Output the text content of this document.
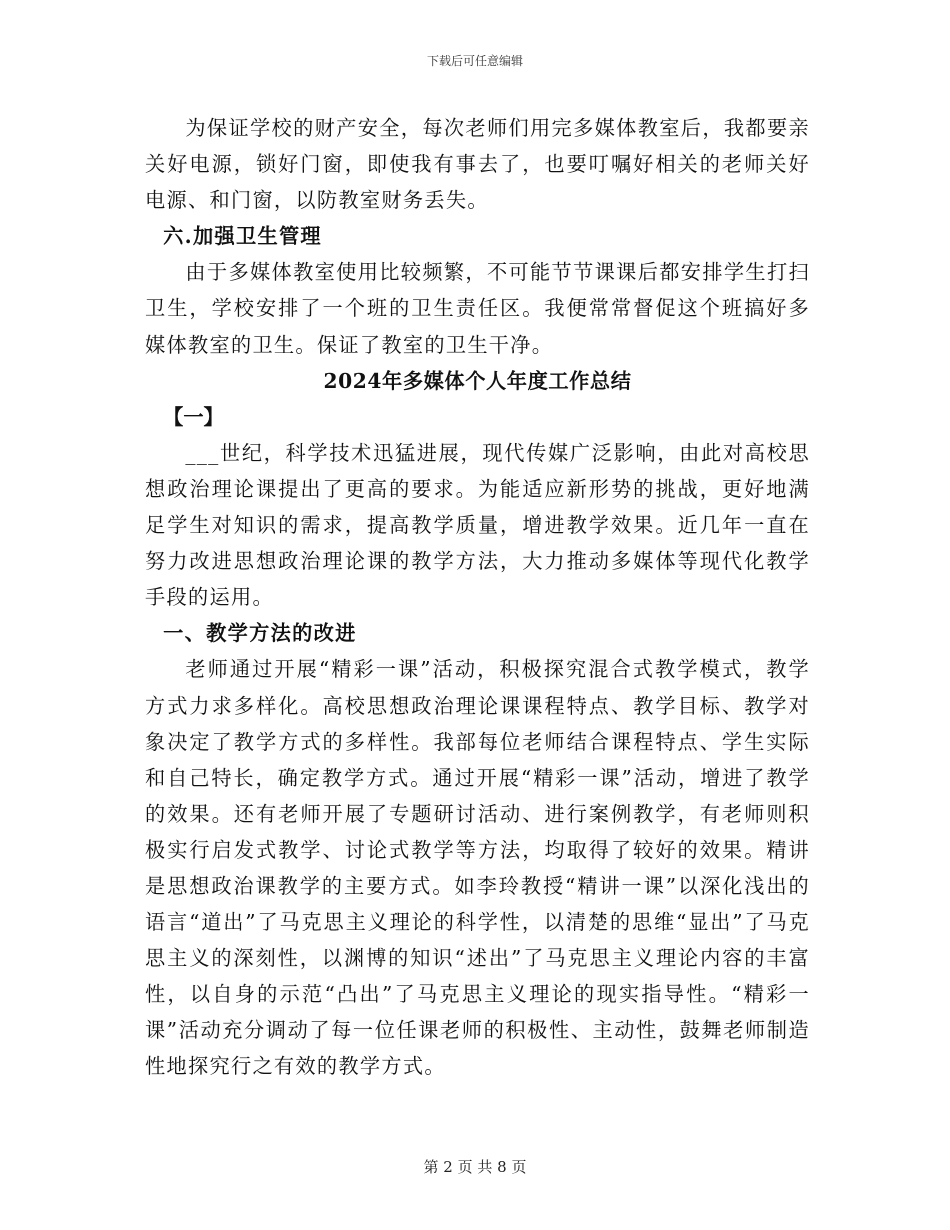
下载后可任意编辑

为保证学校的财产安全，每次老师们用完多媒体教室后，我都要亲关好电源，锁好门窗，即使我有事去了，也要叮嘱好相关的老师关好电源、和门窗，以防教室财务丢失。

六.加强卫生管理

由于多媒体教室使用比较频繁，不可能节节课课后都安排学生打扫卫生，学校安排了一个班的卫生责任区。我便常常督促这个班搞好多媒体教室的卫生。保证了教室的卫生干净。

2024年多媒体个人年度工作总结

【一】

___世纪，科学技术迅猛进展，现代传媒广泛影响，由此对高校思想政治理论课提出了更高的要求。为能适应新形势的挑战，更好地满足学生对知识的需求，提高教学质量，增进教学效果。近几年一直在努力改进思想政治理论课的教学方法，大力推动多媒体等现代化教学手段的运用。

一、教学方法的改进

老师通过开展“精彩一课”活动，积极探究混合式教学模式，教学方式力求多样化。高校思想政治理论课课程特点、教学目标、教学对象决定了教学方式的多样性。我部每位老师结合课程特点、学生实际和自己特长，确定教学方式。通过开展“精彩一课”活动，增进了教学的效果。还有老师开展了专题研讨活动、进行案例教学，有老师则积极实行启发式教学、讨论式教学等方法，均取得了较好的效果。精讲是思想政治课教学的主要方式。如李玲教授“精讲一课”以深化浅出的语言“道出”了马克思主义理论的科学性，以清楚的思维“显出”了马克思主义的深刻性，以渊博的知识“述出”了马克思主义理论内容的丰富性，以自身的示范“凸出”了马克思主义理论的现实指导性。“精彩一课”活动充分调动了每一位任课老师的积极性、主动性，鼓舞老师制造性地探究行之有效的教学方式。

第 2 页 共 8 页
